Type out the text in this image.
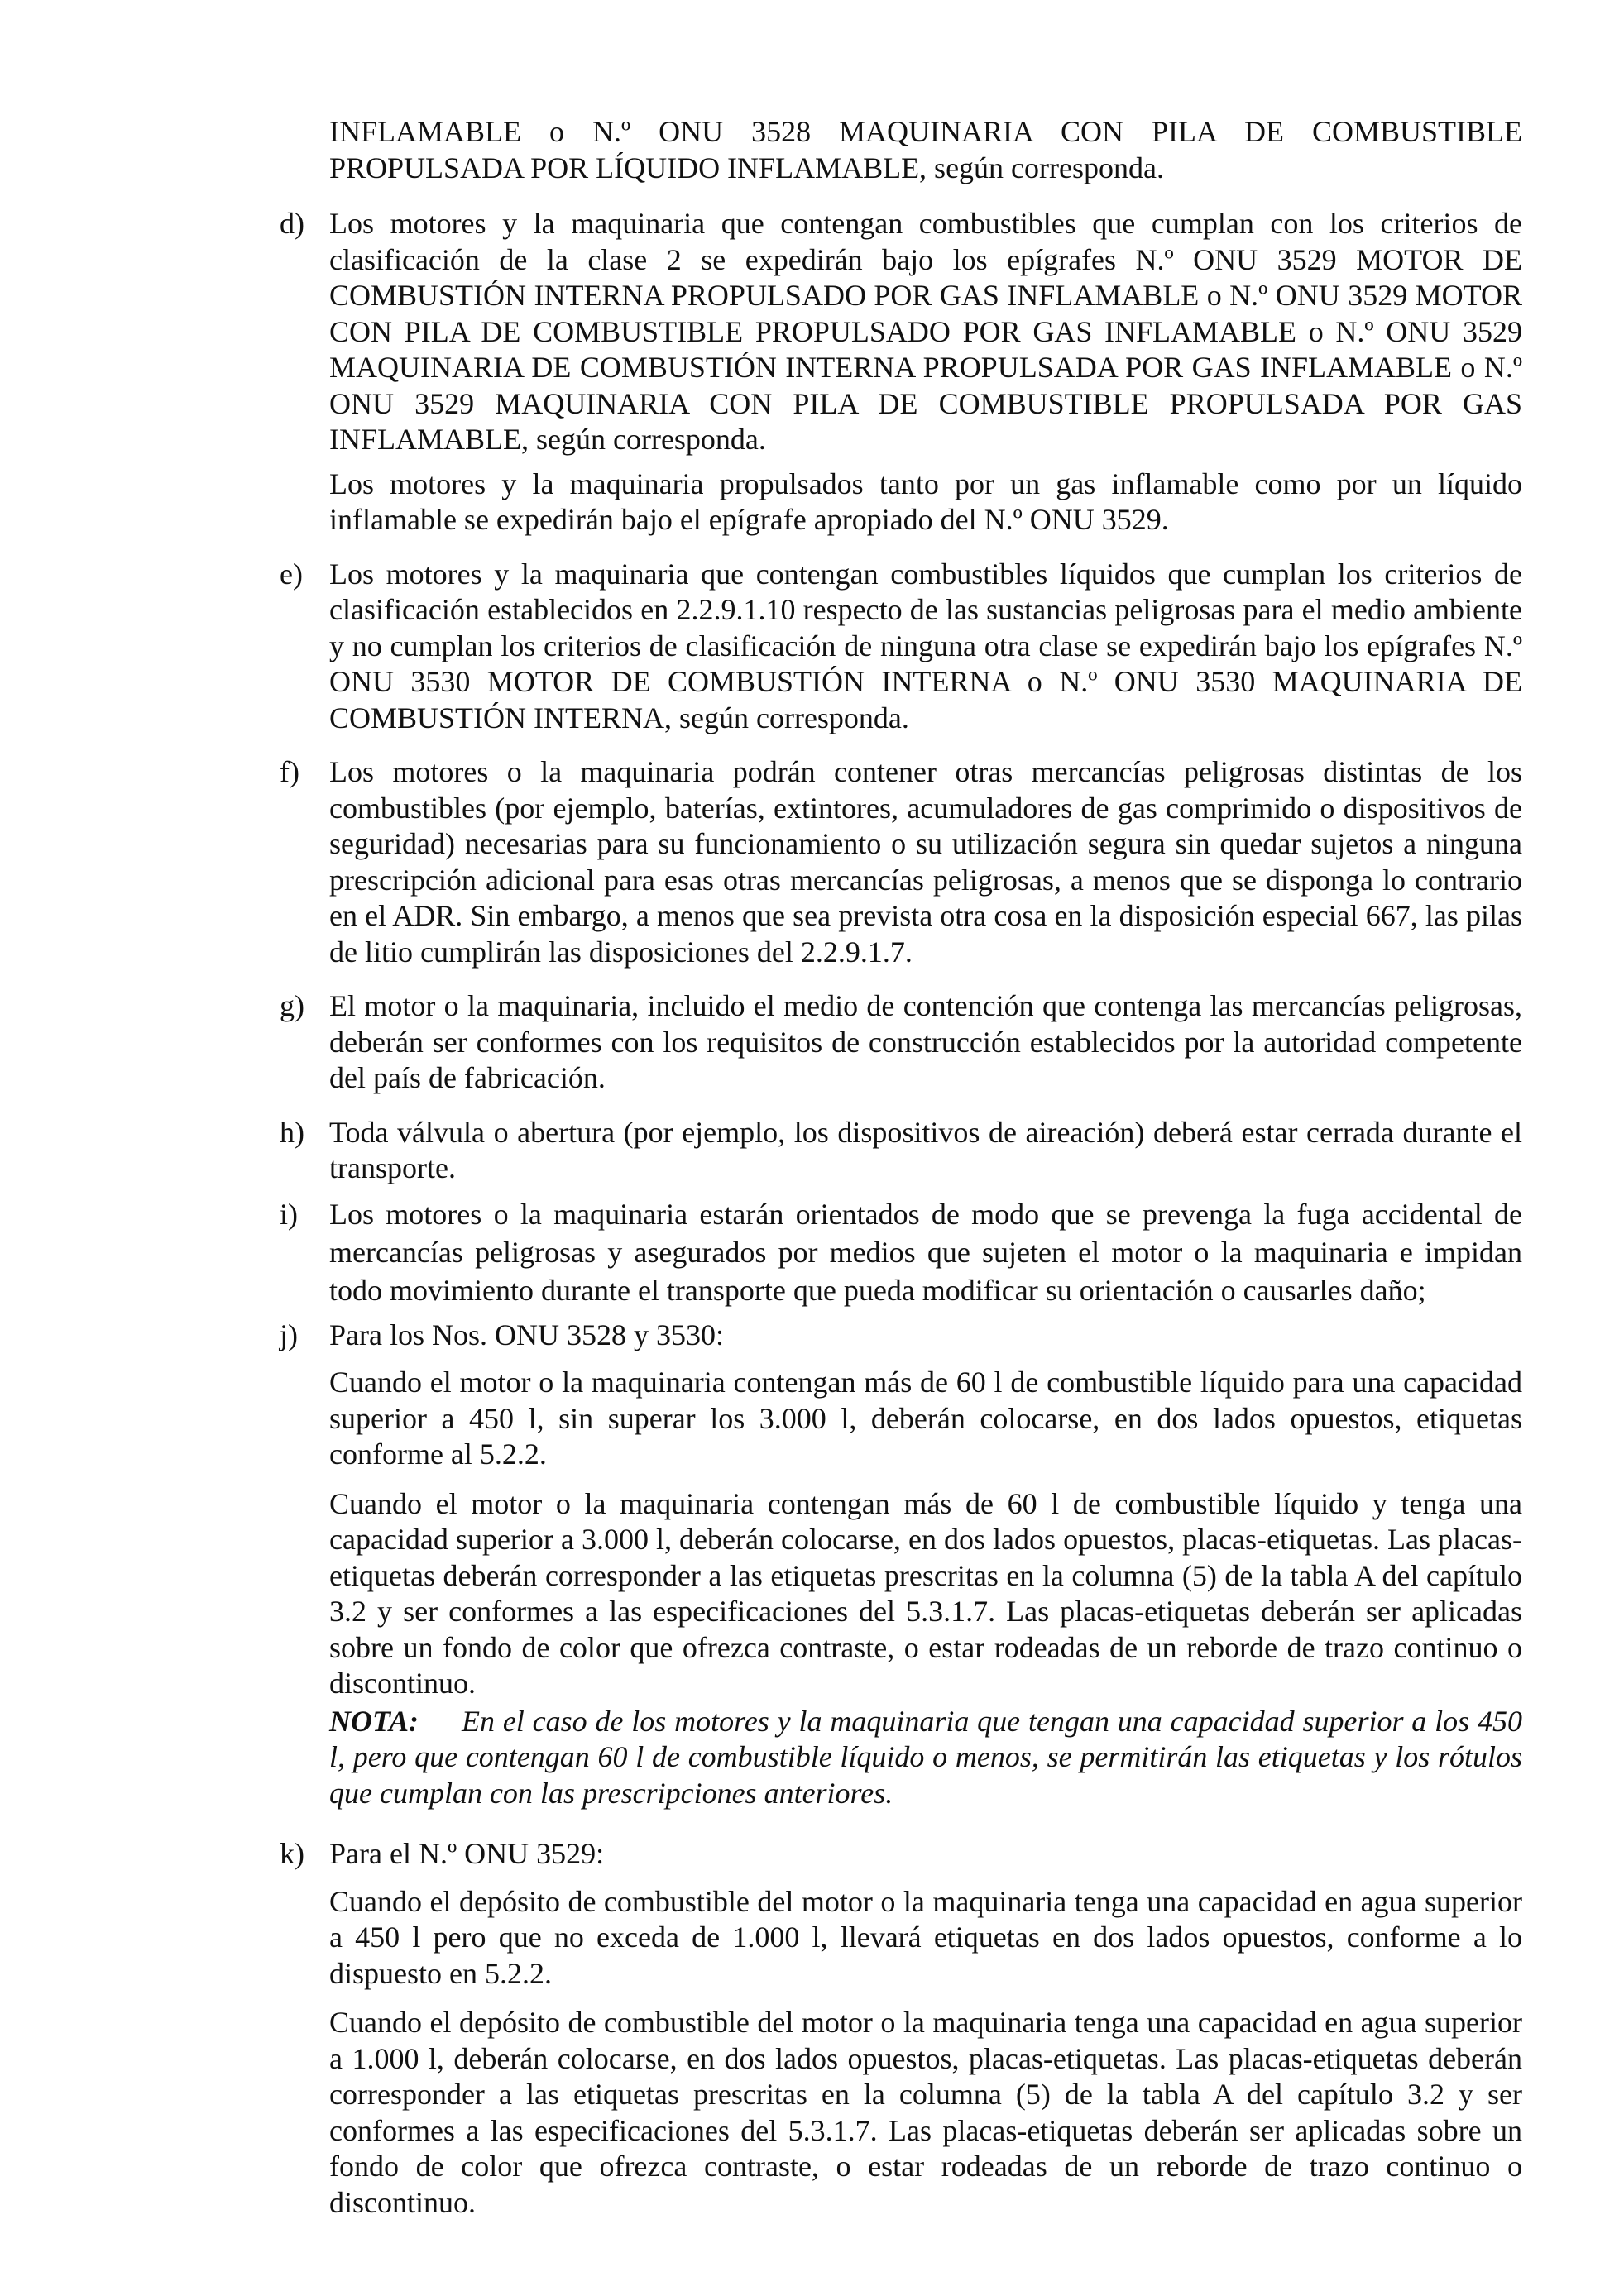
INFLAMABLE o N.º ONU 3528 MAQUINARIA CON PILA DE COMBUSTIBLE PROPULSADA POR LÍQUIDO INFLAMABLE, según corresponda.

d) Los motores y la maquinaria que contengan combustibles que cumplan con los criterios de clasificación de la clase 2 se expedirán bajo los epígrafes N.º ONU 3529 MOTOR DE COMBUSTIÓN INTERNA PROPULSADO POR GAS INFLAMABLE o N.º ONU 3529 MOTOR CON PILA DE COMBUSTIBLE PROPULSADO POR GAS INFLAMABLE o N.º ONU 3529 MAQUINARIA DE COMBUSTIÓN INTERNA PROPULSADA POR GAS INFLAMABLE o N.º ONU 3529 MAQUINARIA CON PILA DE COMBUSTIBLE PROPULSADA POR GAS INFLAMABLE, según corresponda.

Los motores y la maquinaria propulsados tanto por un gas inflamable como por un líquido inflamable se expedirán bajo el epígrafe apropiado del N.º ONU 3529.

e) Los motores y la maquinaria que contengan combustibles líquidos que cumplan los criterios de clasificación establecidos en 2.2.9.1.10 respecto de las sustancias peligrosas para el medio ambiente y no cumplan los criterios de clasificación de ninguna otra clase se expedirán bajo los epígrafes N.º ONU 3530 MOTOR DE COMBUSTIÓN INTERNA o N.º ONU 3530 MAQUINARIA DE COMBUSTIÓN INTERNA, según corresponda.

f) Los motores o la maquinaria podrán contener otras mercancías peligrosas distintas de los combustibles (por ejemplo, baterías, extintores, acumuladores de gas comprimido o dispositivos de seguridad) necesarias para su funcionamiento o su utilización segura sin quedar sujetos a ninguna prescripción adicional para esas otras mercancías peligrosas, a menos que se disponga lo contrario en el ADR. Sin embargo, a menos que sea prevista otra cosa en la disposición especial 667, las pilas de litio cumplirán las disposiciones del 2.2.9.1.7.

g) El motor o la maquinaria, incluido el medio de contención que contenga las mercancías peligrosas, deberán ser conformes con los requisitos de construcción establecidos por la autoridad competente del país de fabricación.

h) Toda válvula o abertura (por ejemplo, los dispositivos de aireación) deberá estar cerrada durante el transporte.

i) Los motores o la maquinaria estarán orientados de modo que se prevenga la fuga accidental de mercancías peligrosas y asegurados por medios que sujeten el motor o la maquinaria e impidan todo movimiento durante el transporte que pueda modificar su orientación o causarles daño;

j) Para los Nos. ONU 3528 y 3530:

Cuando el motor o la maquinaria contengan más de 60 l de combustible líquido para una capacidad superior a 450 l, sin superar los 3.000 l, deberán colocarse, en dos lados opuestos, etiquetas conforme al 5.2.2.

Cuando el motor o la maquinaria contengan más de 60 l de combustible líquido y tenga una capacidad superior a 3.000 l, deberán colocarse, en dos lados opuestos, placas-etiquetas. Las placas-etiquetas deberán corresponder a las etiquetas prescritas en la columna (5) de la tabla A del capítulo 3.2 y ser conformes a las especificaciones del 5.3.1.7. Las placas-etiquetas deberán ser aplicadas sobre un fondo de color que ofrezca contraste, o estar rodeadas de un reborde de trazo continuo o discontinuo.

NOTA: En el caso de los motores y la maquinaria que tengan una capacidad superior a los 450 l, pero que contengan 60 l de combustible líquido o menos, se permitirán las etiquetas y los rótulos que cumplan con las prescripciones anteriores.

k) Para el N.º ONU 3529:

Cuando el depósito de combustible del motor o la maquinaria tenga una capacidad en agua superior a 450 l pero que no exceda de 1.000 l, llevará etiquetas en dos lados opuestos, conforme a lo dispuesto en 5.2.2.

Cuando el depósito de combustible del motor o la maquinaria tenga una capacidad en agua superior a 1.000 l, deberán colocarse, en dos lados opuestos, placas-etiquetas. Las placas-etiquetas deberán corresponder a las etiquetas prescritas en la columna (5) de la tabla A del capítulo 3.2 y ser conformes a las especificaciones del 5.3.1.7. Las placas-etiquetas deberán ser aplicadas sobre un fondo de color que ofrezca contraste, o estar rodeadas de un reborde de trazo continuo o discontinuo.
